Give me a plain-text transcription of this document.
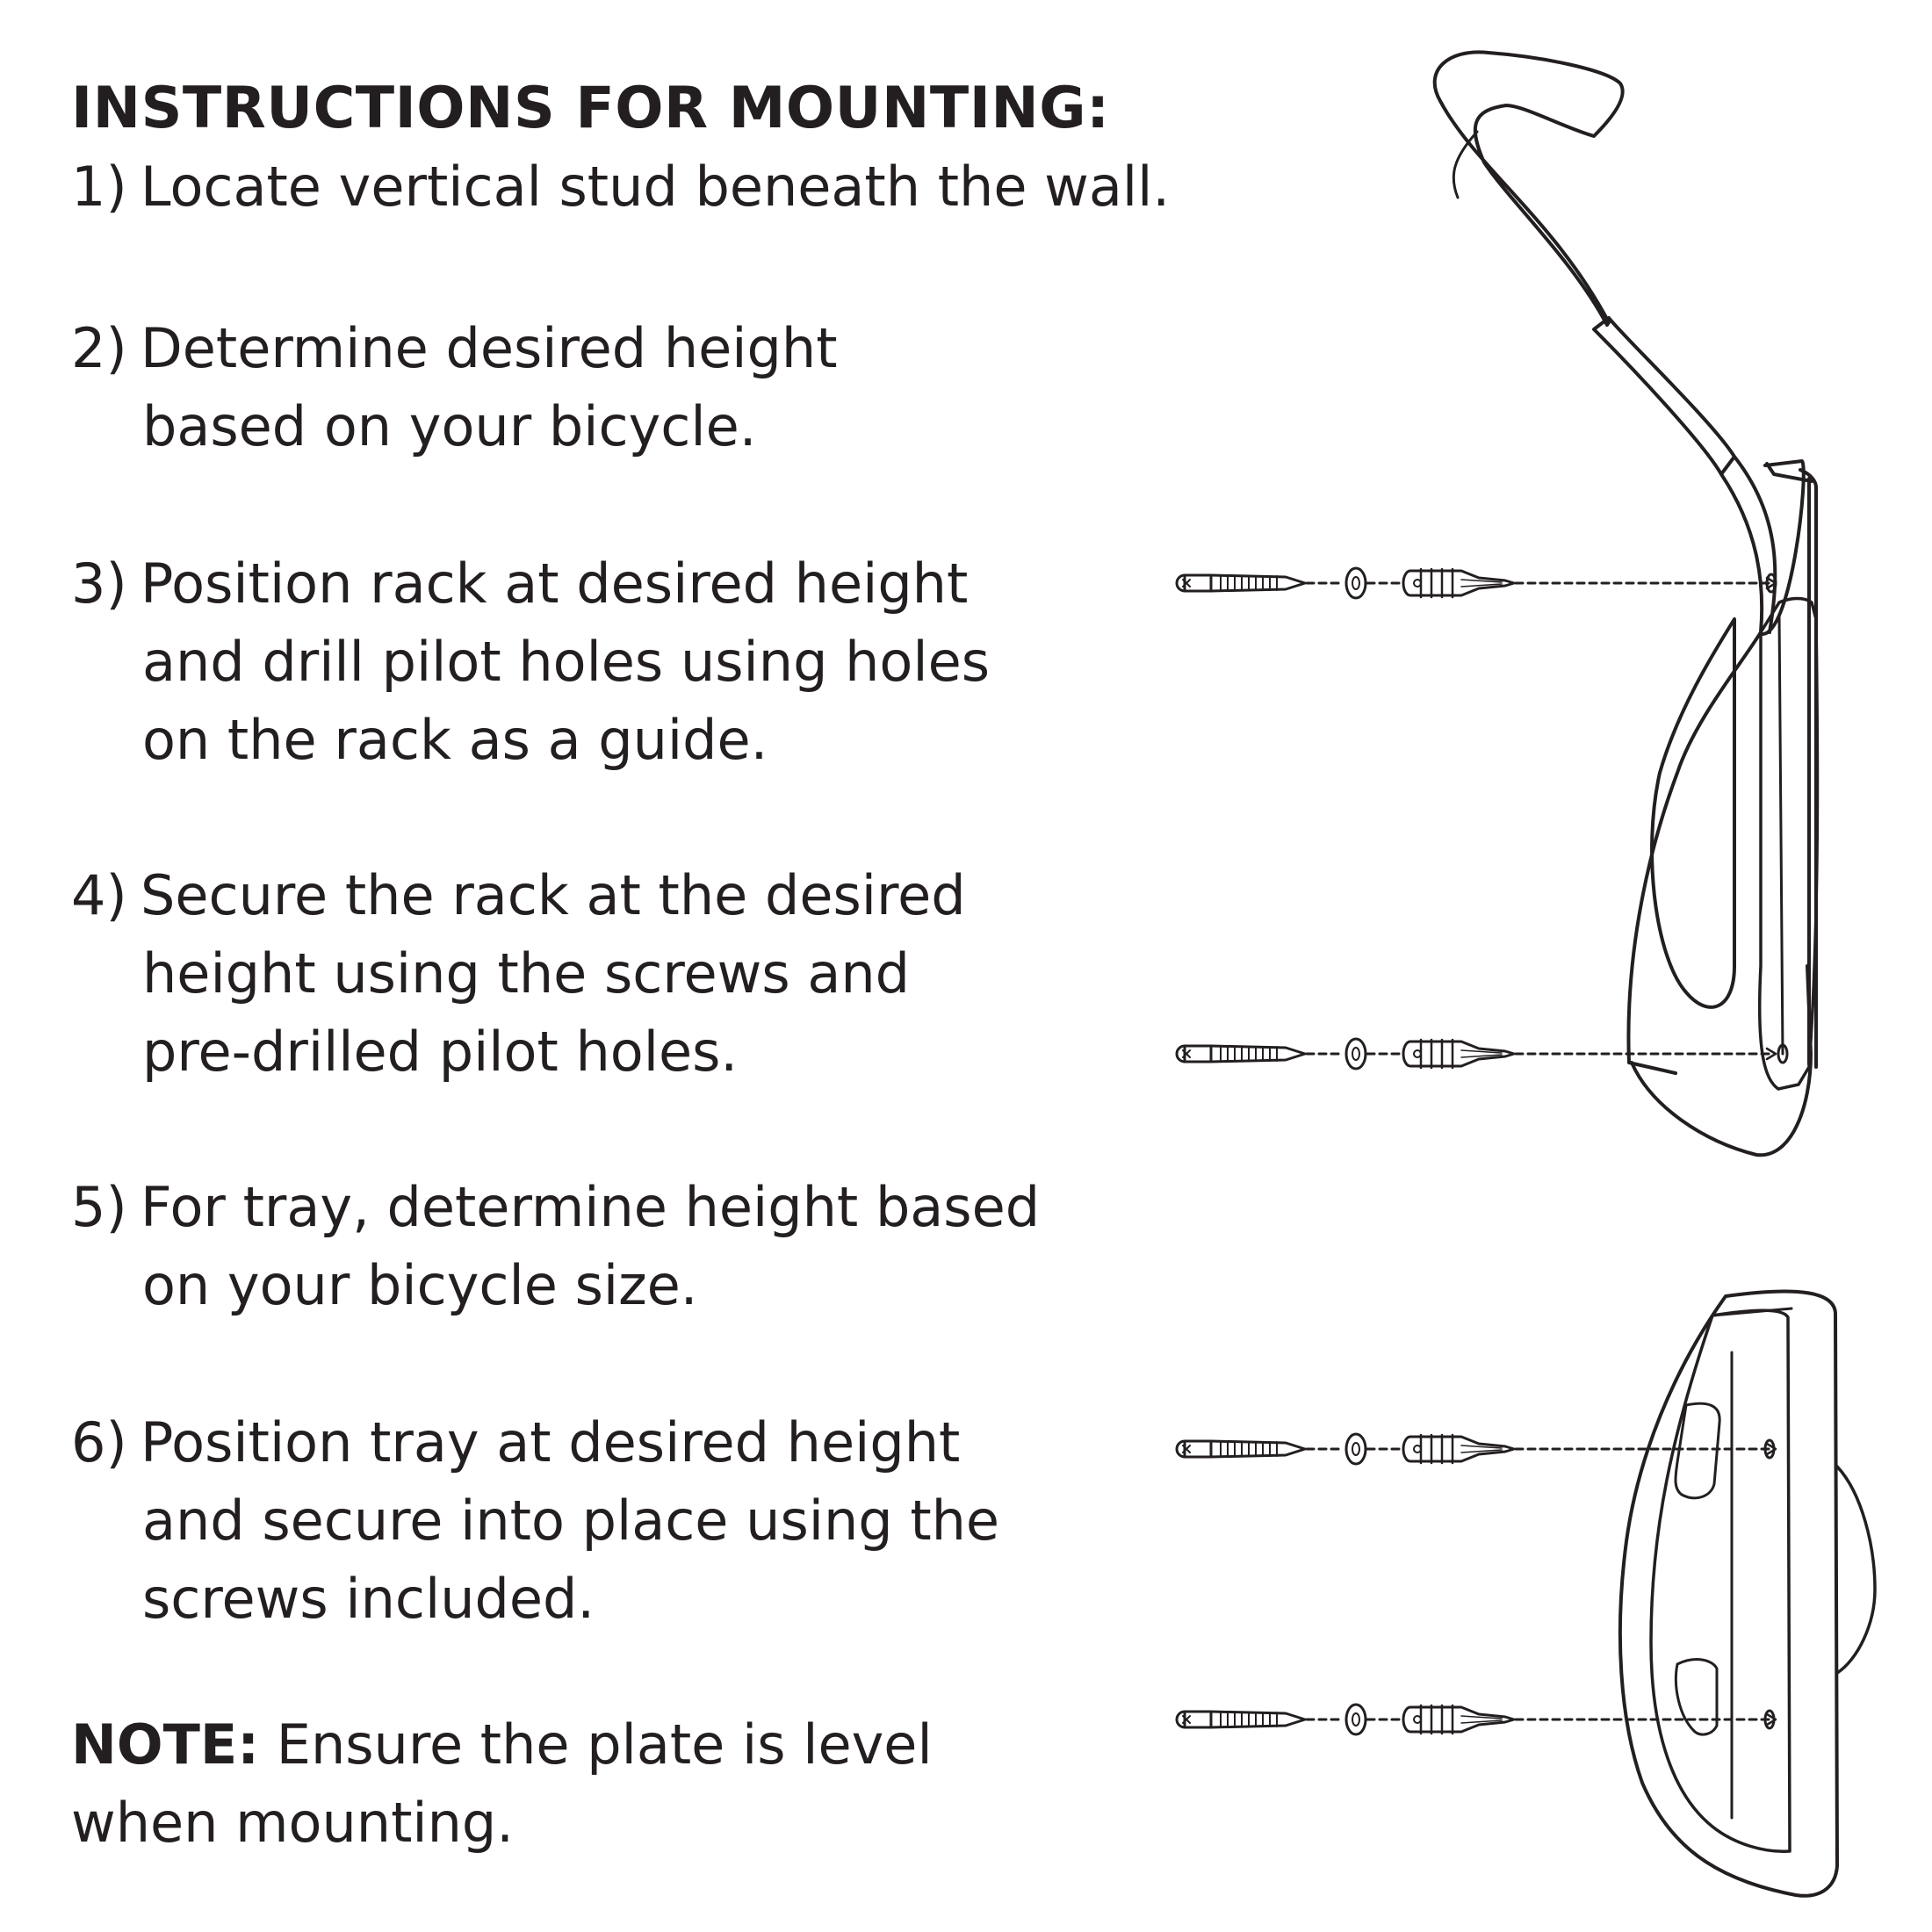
INSTRUCTIONS FOR MOUNTING:
1) Locate vertical stud beneath the wall.
2) Determine desired height
based on your bicycle.
3) Position rack at desired height
and drill pilot holes using holes
on the rack as a guide.
4) Secure the rack at the desired
height using the screws and
pre-drilled pilot holes.
5) For tray, determine height based
on your bicycle size.
6) Position tray at desired height
and secure into place using the
screws included.
NOTE: Ensure the plate is level
when mounting.
